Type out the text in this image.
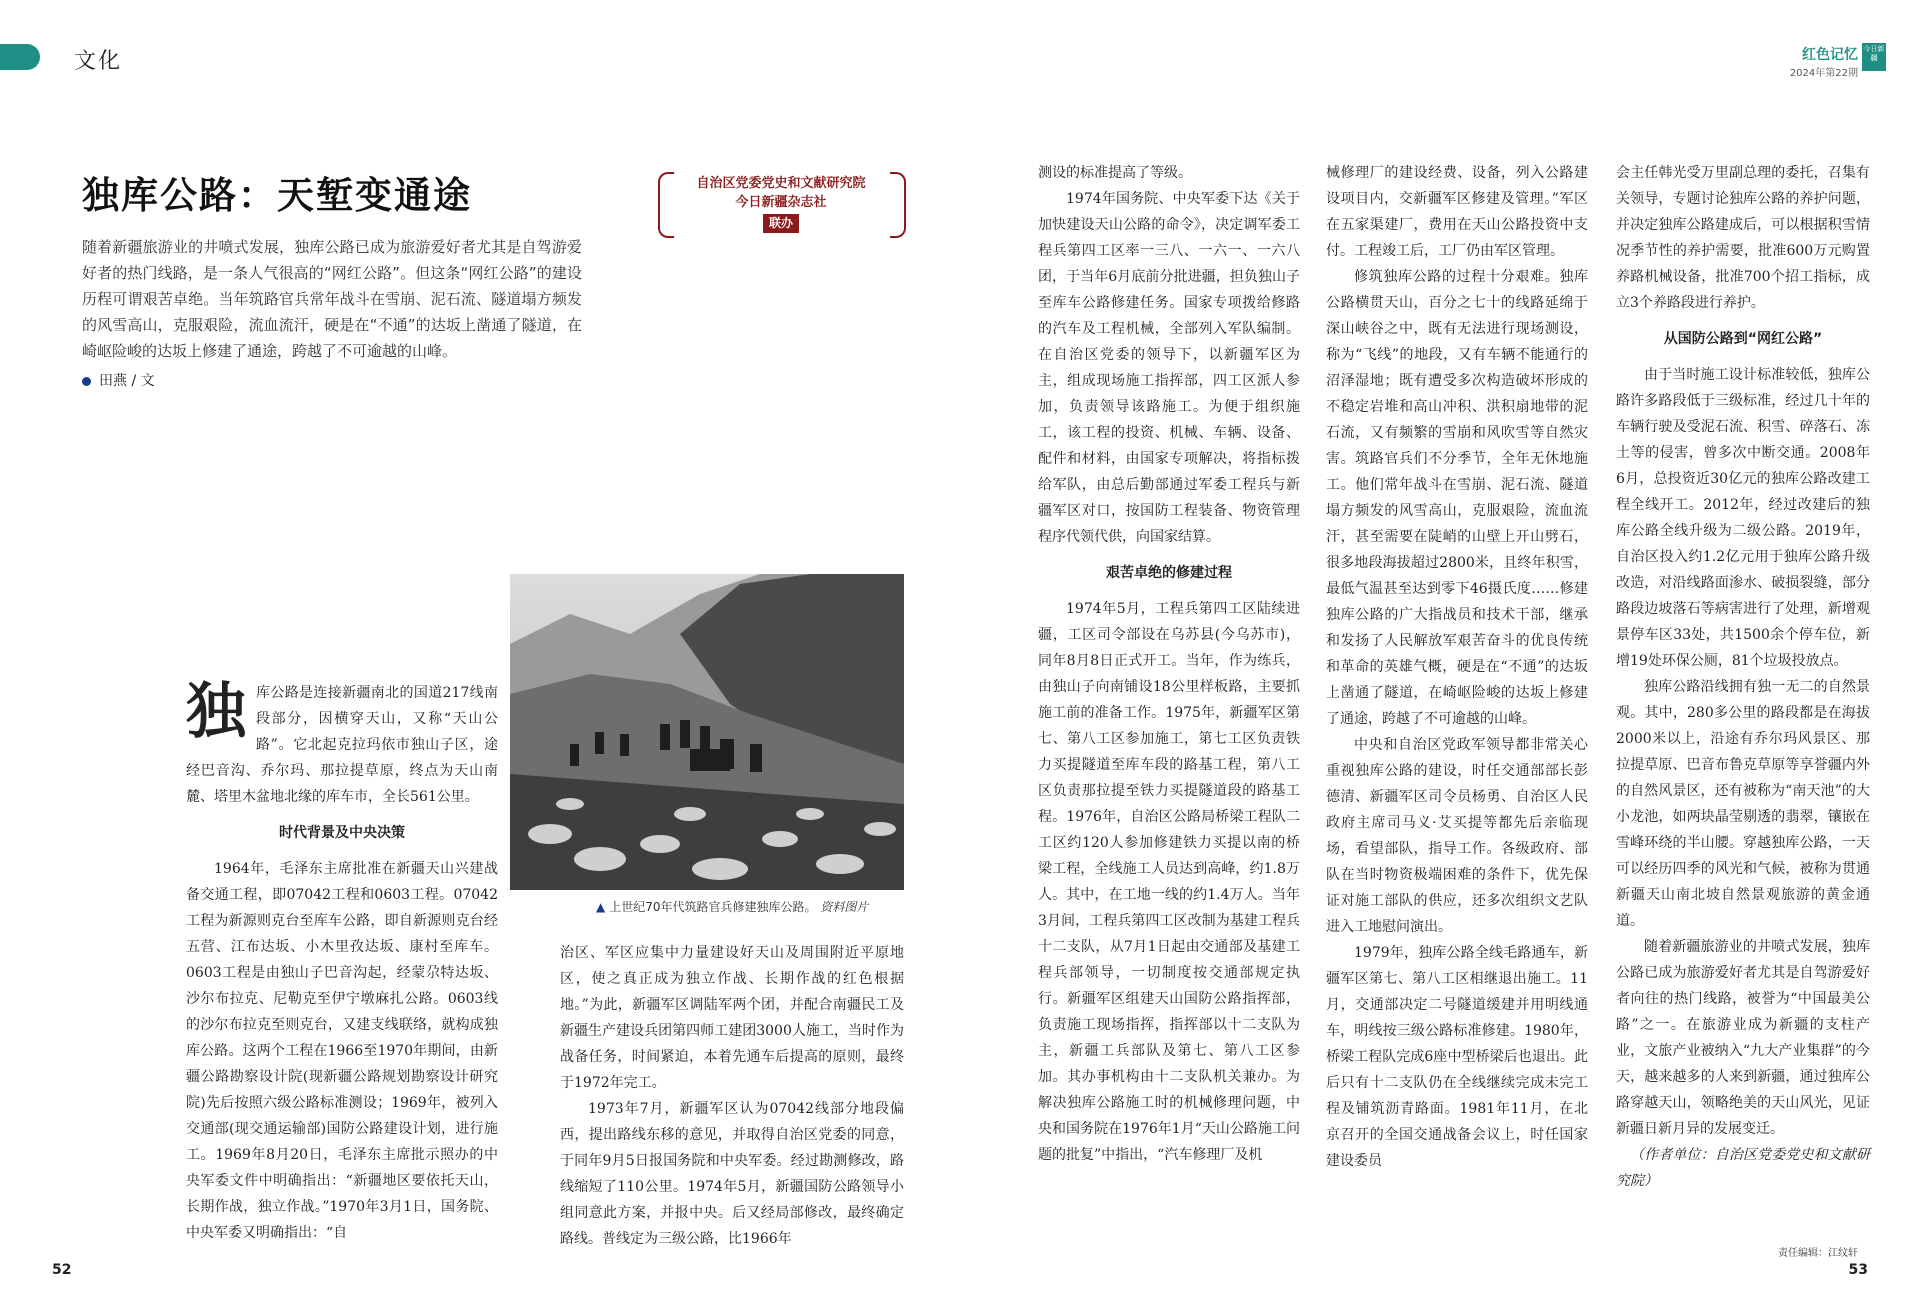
文化	红色记忆
2024年第22期
今日新疆
独库公路：天堑变通途
随着新疆旅游业的井喷式发展，独库公路已成为旅游爱好者尤其是自驾游爱好者的热门线路，是一条人气很高的“网红公路”。但这条“网红公路”的建设历程可谓艰苦卓绝。当年筑路官兵常年战斗在雪崩、泥石流、隧道塌方频发的风雪高山，克服艰险，流血流汗，硬是在“不通”的达坂上凿通了隧道，在崎岖险峻的达坂上修建了通途，跨越了不可逾越的山峰。
田燕 / 文
自治区党委党史和文献研究院
今日新疆杂志社
联办
▲ 上世纪70年代筑路官兵修建独库公路。 资料图片

独库公路是连接新疆南北的国道217线南段部分，因横穿天山，又称“天山公路”。它北起克拉玛依市独山子区，途经巴音沟、乔尔玛、那拉提草原，终点为天山南麓、塔里木盆地北缘的库车市，全长561公里。

时代背景及中央决策

1964年，毛泽东主席批准在新疆天山兴建战备交通工程，即07042工程和0603工程。07042工程为新源则克台至库车公路，即自新源则克台经五营、江布达坂、小木里孜达坂、康村至库车。0603工程是由独山子巴音沟起，经蒙尕特达坂、沙尔布拉克、尼勒克至伊宁墩麻扎公路。0603线的沙尔布拉克至则克台，又建支线联络，就构成独库公路。这两个工程在1966至1970年期间，由新疆公路勘察设计院(现新疆公路规划勘察设计研究院)先后按照六级公路标准测设；1969年，被列入交通部(现交通运输部)国防公路建设计划，进行施工。1969年8月20日，毛泽东主席批示照办的中央军委文件中明确指出：“新疆地区要依托天山，长期作战，独立作战。”1970年3月1日，国务院、中央军委又明确指出：“自

治区、军区应集中力量建设好天山及周围附近平原地区，使之真正成为独立作战、长期作战的红色根据地。”为此，新疆军区调陆军两个团，并配合南疆民工及新疆生产建设兵团第四师工建团3000人施工，当时作为战备任务，时间紧迫，本着先通车后提高的原则，最终于1972年完工。

1973年7月，新疆军区认为07042线部分地段偏西，提出路线东移的意见，并取得自治区党委的同意，于同年9月5日报国务院和中央军委。经过勘测修改，路线缩短了110公里。1974年5月，新疆国防公路领导小组同意此方案，并报中央。后又经局部修改，最终确定路线。普线定为三级公路，比1966年

测设的标准提高了等级。

1974年国务院、中央军委下达《关于加快建设天山公路的命令》，决定调军委工程兵第四工区率一三八、一六一、一六八团，于当年6月底前分批进疆，担负独山子至库车公路修建任务。国家专项拨给修路的汽车及工程机械，全部列入军队编制。在自治区党委的领导下，以新疆军区为主，组成现场施工指挥部，四工区派人参加，负责领导该路施工。为便于组织施工，该工程的投资、机械、车辆、设备、配件和材料，由国家专项解决，将指标拨给军队，由总后勤部通过军委工程兵与新疆军区对口，按国防工程装备、物资管理程序代领代供，向国家结算。

艰苦卓绝的修建过程

1974年5月，工程兵第四工区陆续进疆，工区司令部设在乌苏县(今乌苏市)，同年8月8日正式开工。当年，作为练兵，由独山子向南铺设18公里样板路，主要抓施工前的准备工作。1975年，新疆军区第七、第八工区参加施工，第七工区负责铁力买提隧道至库车段的路基工程，第八工区负责那拉提至铁力买提隧道段的路基工程。1976年，自治区公路局桥梁工程队二工区约120人参加修建铁力买提以南的桥梁工程，全线施工人员达到高峰，约1.8万人。其中，在工地一线的约1.4万人。当年3月间，工程兵第四工区改制为基建工程兵十二支队，从7月1日起由交通部及基建工程兵部领导，一切制度按交通部规定执行。新疆军区组建天山国防公路指挥部，负责施工现场指挥，指挥部以十二支队为主，新疆工兵部队及第七、第八工区参加。其办事机构由十二支队机关兼办。为解决独库公路施工时的机械修理问题，中央和国务院在1976年1月“天山公路施工问题的批复”中指出，“汽车修理厂及机

械修理厂的建设经费、设备，列入公路建设项目内，交新疆军区修建及管理。”军区在五家渠建厂，费用在天山公路投资中支付。工程竣工后，工厂仍由军区管理。

修筑独库公路的过程十分艰难。独库公路横贯天山，百分之七十的线路延绵于深山峡谷之中，既有无法进行现场测设，称为“飞线”的地段，又有车辆不能通行的沼泽湿地；既有遭受多次构造破坏形成的不稳定岩堆和高山冲积、洪积扇地带的泥石流，又有频繁的雪崩和风吹雪等自然灾害。筑路官兵们不分季节，全年无休地施工。他们常年战斗在雪崩、泥石流、隧道塌方频发的风雪高山，克服艰险，流血流汗，甚至需要在陡峭的山壁上开山劈石，很多地段海拔超过2800米，且终年积雪，最低气温甚至达到零下46摄氏度……修建独库公路的广大指战员和技术干部，继承和发扬了人民解放军艰苦奋斗的优良传统和革命的英雄气概，硬是在“不通”的达坂上凿通了隧道，在崎岖险峻的达坂上修建了通途，跨越了不可逾越的山峰。

中央和自治区党政军领导都非常关心重视独库公路的建设，时任交通部部长彭德清、新疆军区司令员杨勇、自治区人民政府主席司马义·艾买提等都先后亲临现场，看望部队，指导工作。各级政府、部队在当时物资极端困难的条件下，优先保证对施工部队的供应，还多次组织文艺队进入工地慰问演出。

1979年，独库公路全线毛路通车，新疆军区第七、第八工区相继退出施工。11月，交通部决定二号隧道缓建并用明线通车，明线按三级公路标准修建。1980年，桥梁工程队完成6座中型桥梁后也退出。此后只有十二支队仍在全线继续完成未完工程及铺筑沥青路面。1981年11月，在北京召开的全国交通战备会议上，时任国家建设委员

会主任韩光受万里副总理的委托，召集有关领导，专题讨论独库公路的养护问题，并决定独库公路建成后，可以根据积雪情况季节性的养护需要，批准600万元购置养路机械设备，批准700个招工指标，成立3个养路段进行养护。

从国防公路到“网红公路”

由于当时施工设计标准较低，独库公路许多路段低于三级标准，经过几十年的车辆行驶及受泥石流、积雪、碎落石、冻土等的侵害，曾多次中断交通。2008年6月，总投资近30亿元的独库公路改建工程全线开工。2012年，经过改建后的独库公路全线升级为二级公路。2019年，自治区投入约1.2亿元用于独库公路升级改造，对沿线路面渗水、破损裂缝，部分路段边坡落石等病害进行了处理，新增观景停车区33处，共1500余个停车位，新增19处环保公厕，81个垃圾投放点。

独库公路沿线拥有独一无二的自然景观。其中，280多公里的路段都是在海拔2000米以上，沿途有乔尔玛风景区、那拉提草原、巴音布鲁克草原等享誉疆内外的自然风景区，还有被称为“南天池”的大小龙池，如两块晶莹剔透的翡翠，镶嵌在雪峰环绕的半山腰。穿越独库公路，一天可以经历四季的风光和气候，被称为贯通新疆天山南北坡自然景观旅游的黄金通道。

随着新疆旅游业的井喷式发展，独库公路已成为旅游爱好者尤其是自驾游爱好者向往的热门线路，被誉为“中国最美公路”之一。在旅游业成为新疆的支柱产业，文旅产业被纳入“九大产业集群”的今天，越来越多的人来到新疆，通过独库公路穿越天山，领略绝美的天山风光，见证新疆日新月异的发展变迁。

（作者单位：自治区党委党史和文献研究院）

52	53
责任编辑：江纹轩
